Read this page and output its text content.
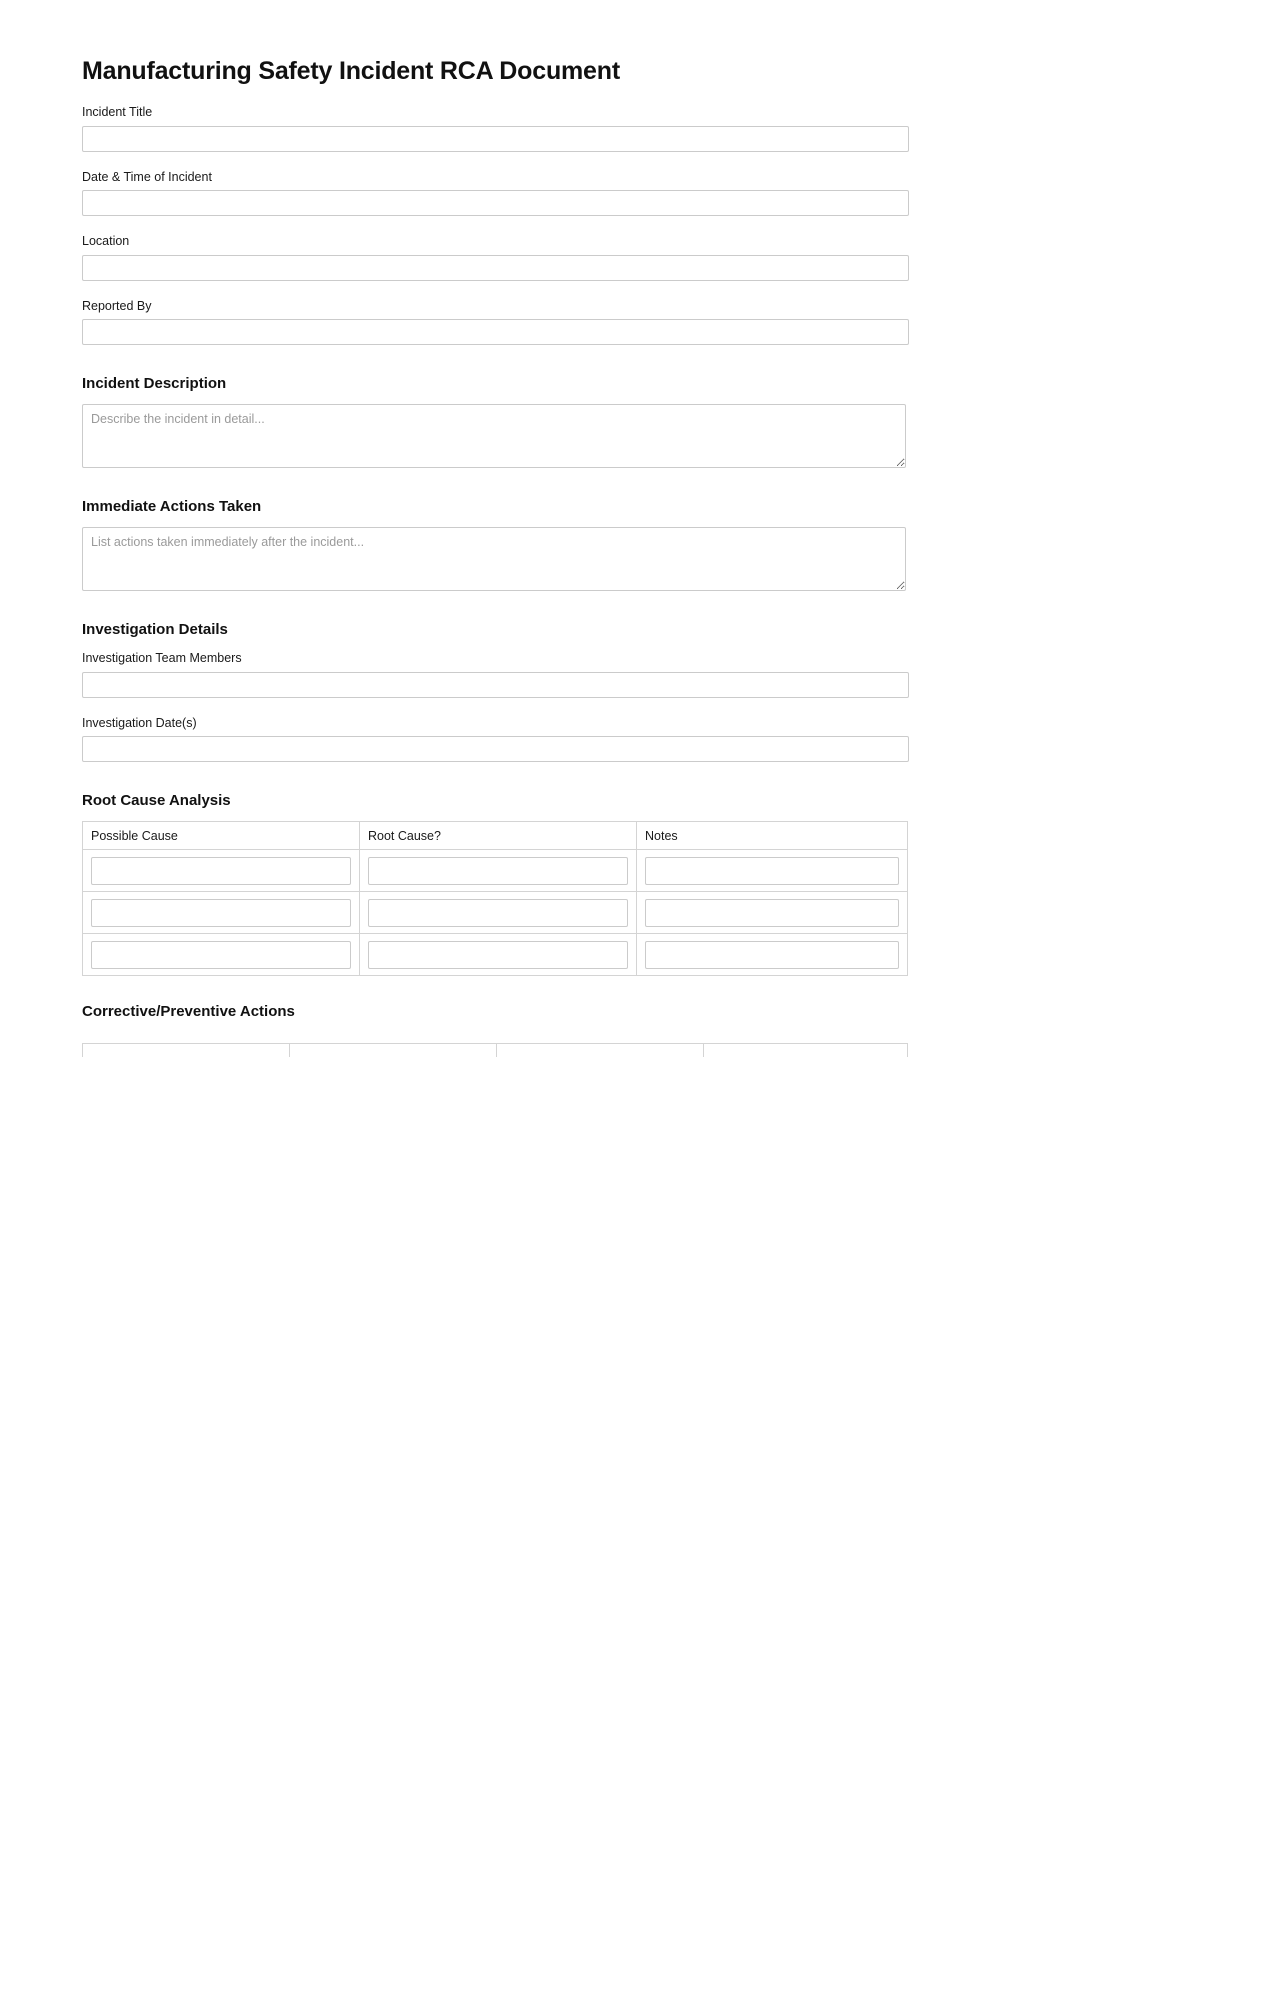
Manufacturing Safety Incident RCA Document
Incident Title
Date & Time of Incident
Location
Reported By
Incident Description
Describe the incident in detail...
Immediate Actions Taken
List actions taken immediately after the incident...
Investigation Details
Investigation Team Members
Investigation Date(s)
Root Cause Analysis
Possible Cause	Root Cause?	Notes

Corrective/Preventive Actions
